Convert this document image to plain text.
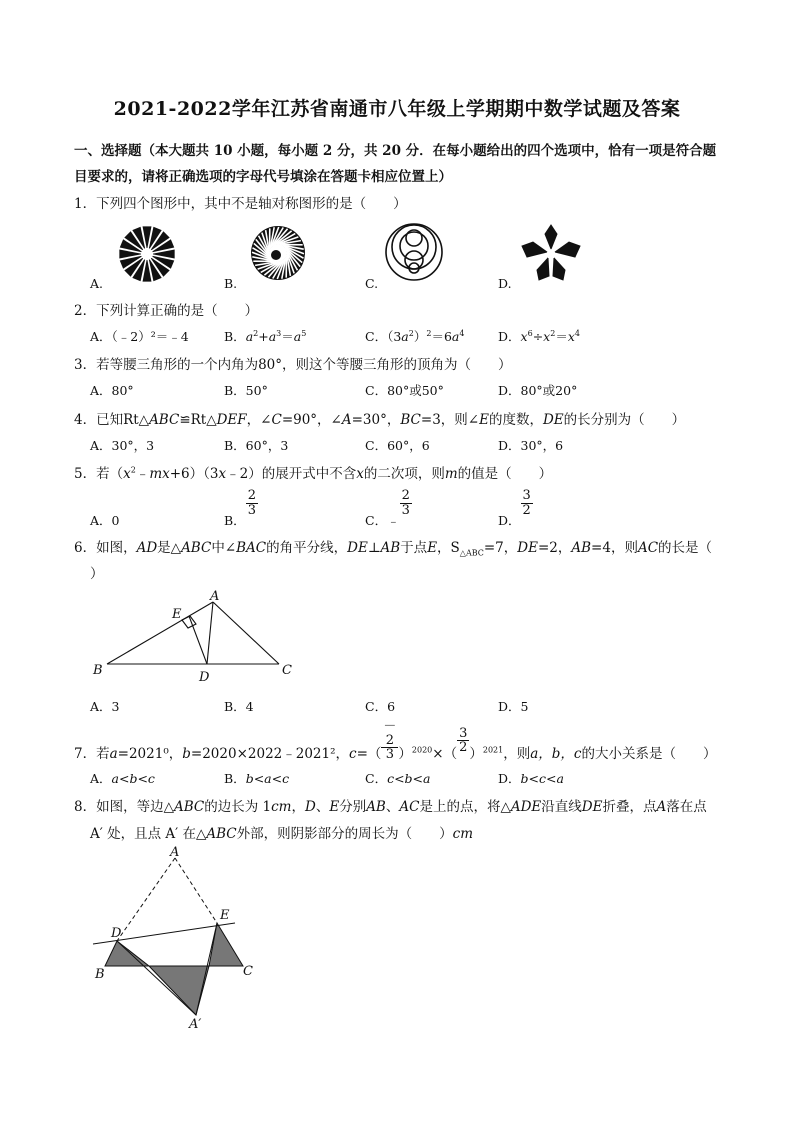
2021-2022学年江苏省南通市八年级上学期期中数学试题及答案
一、选择题（本大题共 10 小题，每小题 2 分，共 20 分．在每小题给出的四个选项中，恰有一项是符合题
目要求的，请将正确选项的字母代号填涂在答题卡相应位置上）
1．下列四个图形中，其中不是轴对称图形的是（　　）
A.	B.	C.	D.
2．下列计算正确的是（　　）
A．（﹣2）²＝﹣4	B．$a^2+a^3=a^5$	C．$(3a^2)^2=6a^4$	D．$x^6\div x^2=x^4$
3．若等腰三角形的一个内角为80°，则这个等腰三角形的顶角为（　　）
A．80°	B．50°	C．80°或50°	D．80°或20°
4．已知Rt△ABC≌Rt△DEF，∠C=90°，∠A=30°，BC=3，则∠E的度数，DE的长分别为（　　）
A．30°，3	B．60°，3	C．60°，6	D．30°，6
5．若$(x^2﹣mx+6)(3x﹣2)$的展开式中不含x的二次项，则m的值是（　　）
A．0	B．
$\frac{2}{3}$
C．﹣
$\frac{2}{3}$
D．
$\frac{3}{2}$
6．如图，AD是△ABC中∠BAC的角平分线，DE⊥AB于点E，$S_{\triangle ABC}=7$，DE=2，AB=4，则AC的长是（
）
A
E
B	D	C
A．3	B．4	C．6	D．5
7．若a=2021⁰，b=2020×2022﹣2021²，c=（ －
2
3 ）$^{2020}\times( \frac{3}{2} )^{2021}$，则a，b，c的大小关系是（　　）
A．a<b<c	B．b<a<c	C．c<b<a	D．b<c<a
8．如图，等边△ABC的边长为 1cm，D、E分别AB、AC是上的点，将△ADE沿直线DE折叠，点A落在点
A′ 处，且点 A′ 在△ABC外部，则阴影部分的周长为（　　）cm
A
D
E
B	C
A′
